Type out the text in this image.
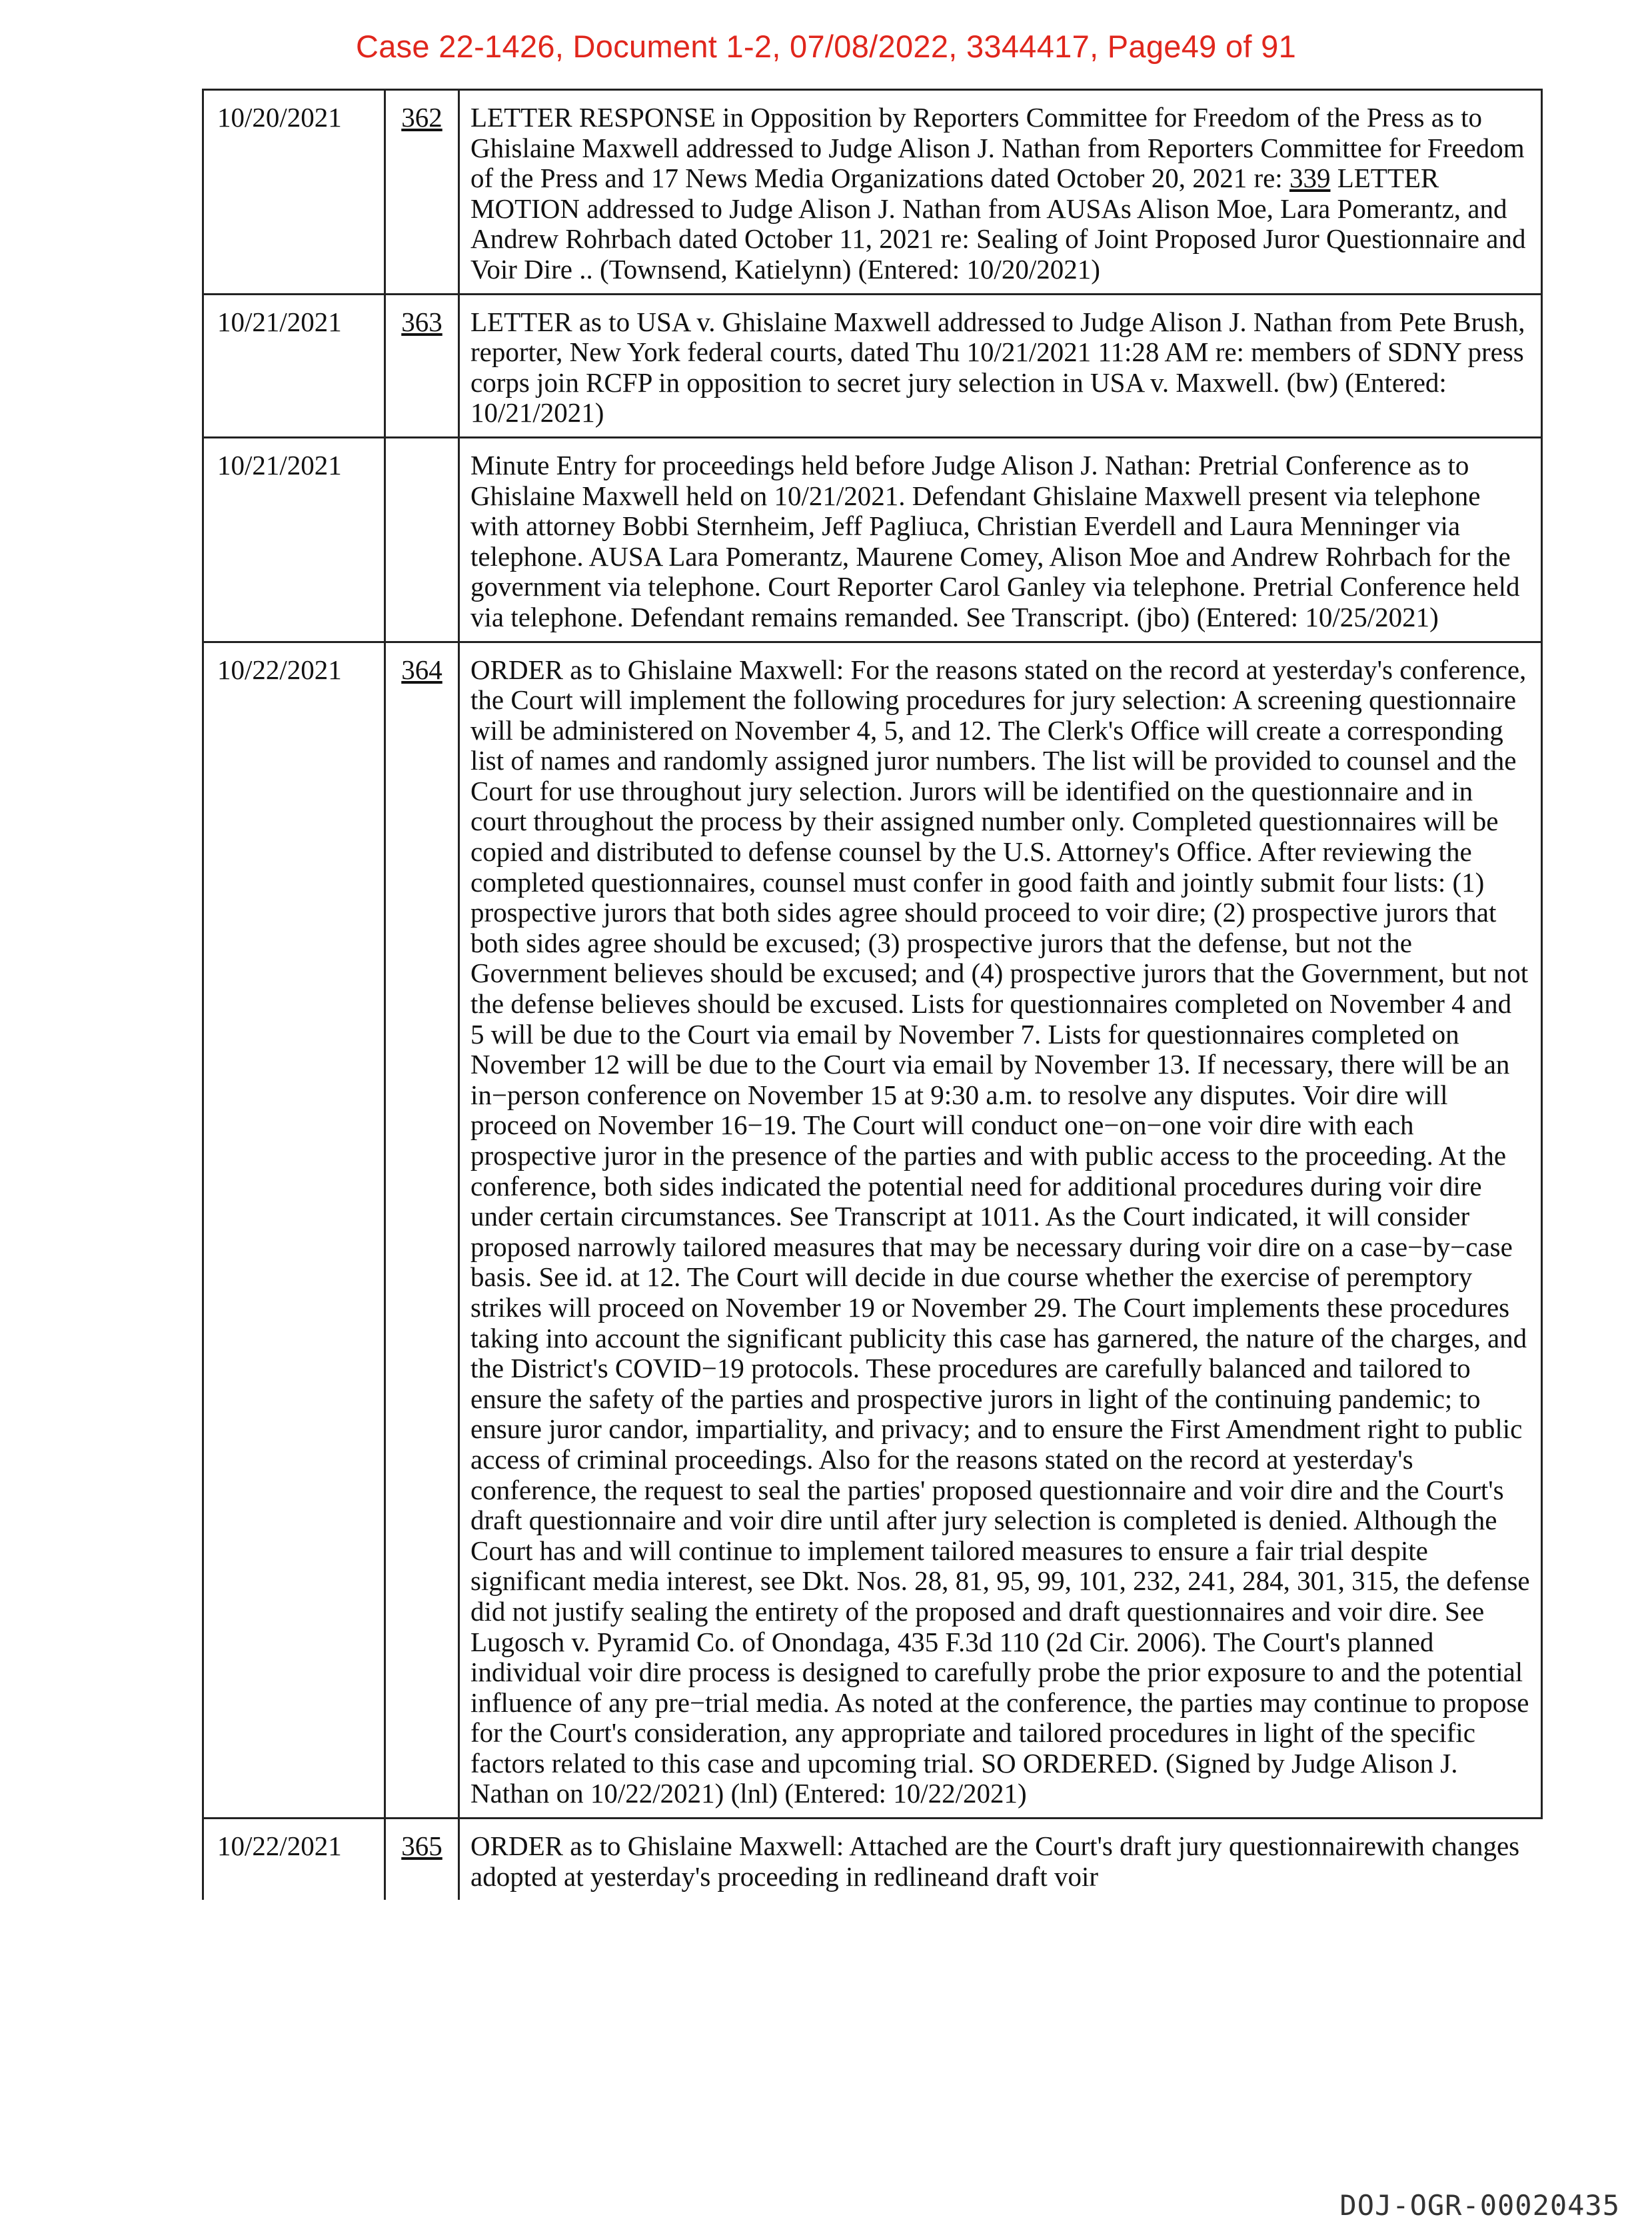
Case 22-1426, Document 1-2, 07/08/2022, 3344417, Page49 of 91
10/20/2021	362	LETTER RESPONSE in Opposition by Reporters Committee for Freedom of the Press as to Ghislaine Maxwell addressed to Judge Alison J. Nathan from Reporters Committee for Freedom of the Press and 17 News Media Organizations dated October 20, 2021 re: 339 LETTER MOTION addressed to Judge Alison J. Nathan from AUSAs Alison Moe, Lara Pomerantz, and Andrew Rohrbach dated October 11, 2021 re: Sealing of Joint Proposed Juror Questionnaire and Voir Dire .. (Townsend, Katielynn) (Entered: 10/20/2021)
10/21/2021	363	LETTER as to USA v. Ghislaine Maxwell addressed to Judge Alison J. Nathan from Pete Brush, reporter, New York federal courts, dated Thu 10/21/2021 11:28 AM re: members of SDNY press corps join RCFP in opposition to secret jury selection in USA v. Maxwell. (bw) (Entered: 10/21/2021)
10/21/2021		Minute Entry for proceedings held before Judge Alison J. Nathan: Pretrial Conference as to Ghislaine Maxwell held on 10/21/2021. Defendant Ghislaine Maxwell present via telephone with attorney Bobbi Sternheim, Jeff Pagliuca, Christian Everdell and Laura Menninger via telephone. AUSA Lara Pomerantz, Maurene Comey, Alison Moe and Andrew Rohrbach for the government via telephone. Court Reporter Carol Ganley via telephone. Pretrial Conference held via telephone. Defendant remains remanded. See Transcript. (jbo) (Entered: 10/25/2021)
10/22/2021	364	ORDER as to Ghislaine Maxwell: For the reasons stated on the record at yesterday's conference, the Court will implement the following procedures for jury selection: A screening questionnaire will be administered on November 4, 5, and 12. The Clerk's Office will create a corresponding list of names and randomly assigned juror numbers. The list will be provided to counsel and the Court for use throughout jury selection. Jurors will be identified on the questionnaire and in court throughout the process by their assigned number only. Completed questionnaires will be copied and distributed to defense counsel by the U.S. Attorney's Office. After reviewing the completed questionnaires, counsel must confer in good faith and jointly submit four lists: (1) prospective jurors that both sides agree should proceed to voir dire; (2) prospective jurors that both sides agree should be excused; (3) prospective jurors that the defense, but not the Government believes should be excused; and (4) prospective jurors that the Government, but not the defense believes should be excused. Lists for questionnaires completed on November 4 and 5 will be due to the Court via email by November 7. Lists for questionnaires completed on November 12 will be due to the Court via email by November 13. If necessary, there will be an in−person conference on November 15 at 9:30 a.m. to resolve any disputes. Voir dire will proceed on November 16−19. The Court will conduct one−on−one voir dire with each prospective juror in the presence of the parties and with public access to the proceeding. At the conference, both sides indicated the potential need for additional procedures during voir dire under certain circumstances. See Transcript at 1011. As the Court indicated, it will consider proposed narrowly tailored measures that may be necessary during voir dire on a case−by−case basis. See id. at 12. The Court will decide in due course whether the exercise of peremptory strikes will proceed on November 19 or November 29. The Court implements these procedures taking into account the significant publicity this case has garnered, the nature of the charges, and the District's COVID−19 protocols. These procedures are carefully balanced and tailored to ensure the safety of the parties and prospective jurors in light of the continuing pandemic; to ensure juror candor, impartiality, and privacy; and to ensure the First Amendment right to public access of criminal proceedings. Also for the reasons stated on the record at yesterday's conference, the request to seal the parties' proposed questionnaire and voir dire and the Court's draft questionnaire and voir dire until after jury selection is completed is denied. Although the Court has and will continue to implement tailored measures to ensure a fair trial despite significant media interest, see Dkt. Nos. 28, 81, 95, 99, 101, 232, 241, 284, 301, 315, the defense did not justify sealing the entirety of the proposed and draft questionnaires and voir dire. See Lugosch v. Pyramid Co. of Onondaga, 435 F.3d 110 (2d Cir. 2006). The Court's planned individual voir dire process is designed to carefully probe the prior exposure to and the potential influence of any pre−trial media. As noted at the conference, the parties may continue to propose for the Court's consideration, any appropriate and tailored procedures in light of the specific factors related to this case and upcoming trial. SO ORDERED. (Signed by Judge Alison J. Nathan on 10/22/2021) (lnl) (Entered: 10/22/2021)
10/22/2021	365	ORDER as to Ghislaine Maxwell: Attached are the Court's draft jury questionnairewith changes adopted at yesterday's proceeding in redlineand draft voir
DOJ-OGR-00020435
